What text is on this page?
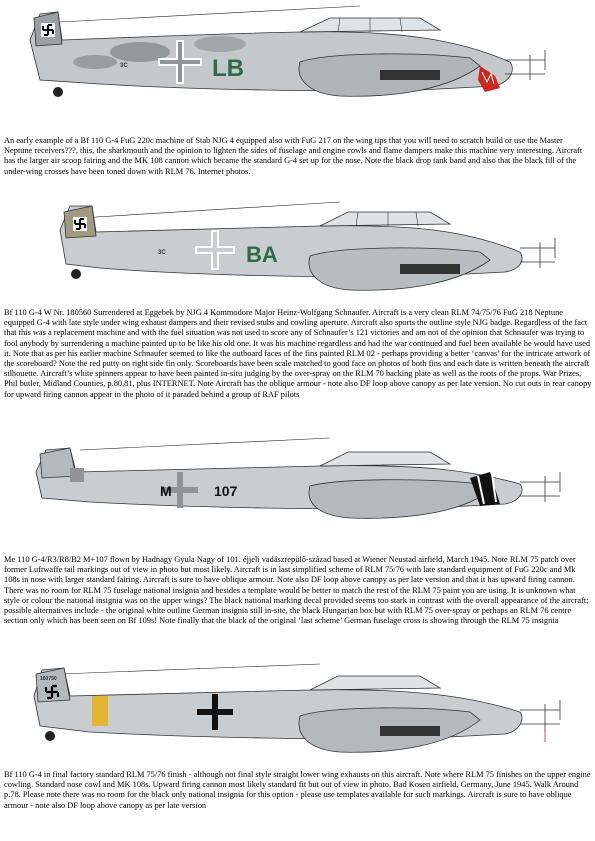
3C	LB

An early example of a Bf 110 G-4 FuG 220c machine of Stab NJG 4 equipped also with FuG 217 on the wing tips that you will need to scratch build or use the Master Neptune receivers???, this, the sharkmouth and the opinion to lighten the sides of fuselage and engine cowls and flame dampers make this machine very interesting. Aircraft has the larger air scoop fairing and the MK 108 cannon which became the standard G-4 set up for the nose. Note the black drop tank band and also that the black fill of the under-wing crosses have been toned down with RLM 76. Internet photos.

3C	BA

Bf 110 G-4 W Nr. 180560 Surrendered at Eggebek by NJG 4 Kommodore Major Heinz-Wolfgang Schnaufer. Aircraft is a very clean RLM 74/75/76 FuG 218 Neptune equipped G-4 with late style under wing exhaust dampers and their revised stubs and cowling aperture. Aircraft also sports the outline style NJG badge. Regardless of the fact that this was a replacement machine and with the fuel situation was not used to score any of Schnaufer’s 121 victories and am not of the opinion that Schnaufer was trying to fool anybody by surrendering a machine painted up to be like his old one. It was his machine regardless and had the war continued and fuel been available he would have used it. Note that as per his earlier machine Schnaufer seemed to like the outboard faces of the fins painted RLM 02 - perhaps providing a better ‘canvas’ for the intricate artwork of the scoreboard? Note the red putty on right side fin only. Scoreboards have been scale matched to good face on photos of both fins and each date is written beneath the aircraft silhouette. Aircraft’s white spinners appear to have been painted in-situ judging by the over-spray on the RLM 70 backing plate as well as the roots of the props. War Prizes, Phil butler, Midland Counties, p.80,81, plus INTERNET. Note Aircraft has the oblique armour - note also DF loop above canopy as per late version. No cut outs in rear canopy for upward firing cannon appear in the photo of it paraded behind a group of RAF pilots

M	107

Me 110 G-4/R3/R8/B2 M+107 flown by Hadnagy Gyula Nagy of 101. éjjeli vadászrepülő-század based at Wiener Neustad airfield, March 1945. Note RLM 75 patch over former Luftwaffe tail markings out of view in photo but most likely. Aircraft is in last simplified scheme of RLM 75/76 with late standard equipment of FuG 220c and Mk 108s in nose with larger standard fairing. Aircraft is sure to have oblique armour. Note also DF loop above canopy as per late version and that it has upward firing cannon. There was no room for RLM 75 fuselage national insignia and besides a template would be better to match the rest of the RLM 75 paint you are using. It is unknown what style or colour the national insignia was on the upper wings? The black national marking decal provided seems too stark in contrast with the overall appearance of the aircraft; possible alternatives include - the original white outline German insignia still in-site, the black Hungarian box but with RLM 75 over-spray or perhaps an RLM 76 centre section only which has been seen on Bf 109s! Note finally that the black of the original ‘last scheme’ German fuselage cross is showing through the RLM 75 insignia

160750

Bf 110 G-4 in final factory standard RLM 75/76 finish - although not final style straight lower wing exhausts on this aircraft. Note where RLM 75 finishes on the upper engine cowling. Standard nose cowl and MK 108s. Upward firing cannon most likely standard fit but out of view in photo. Bad Kosen airfield, Germany, June 1945. Walk Around p.78. Please note there was no room for the black only national insignia for this option - please use templates available for such markings. Aircraft is sure to have oblique armour - note also DF loop above canopy as per late version
